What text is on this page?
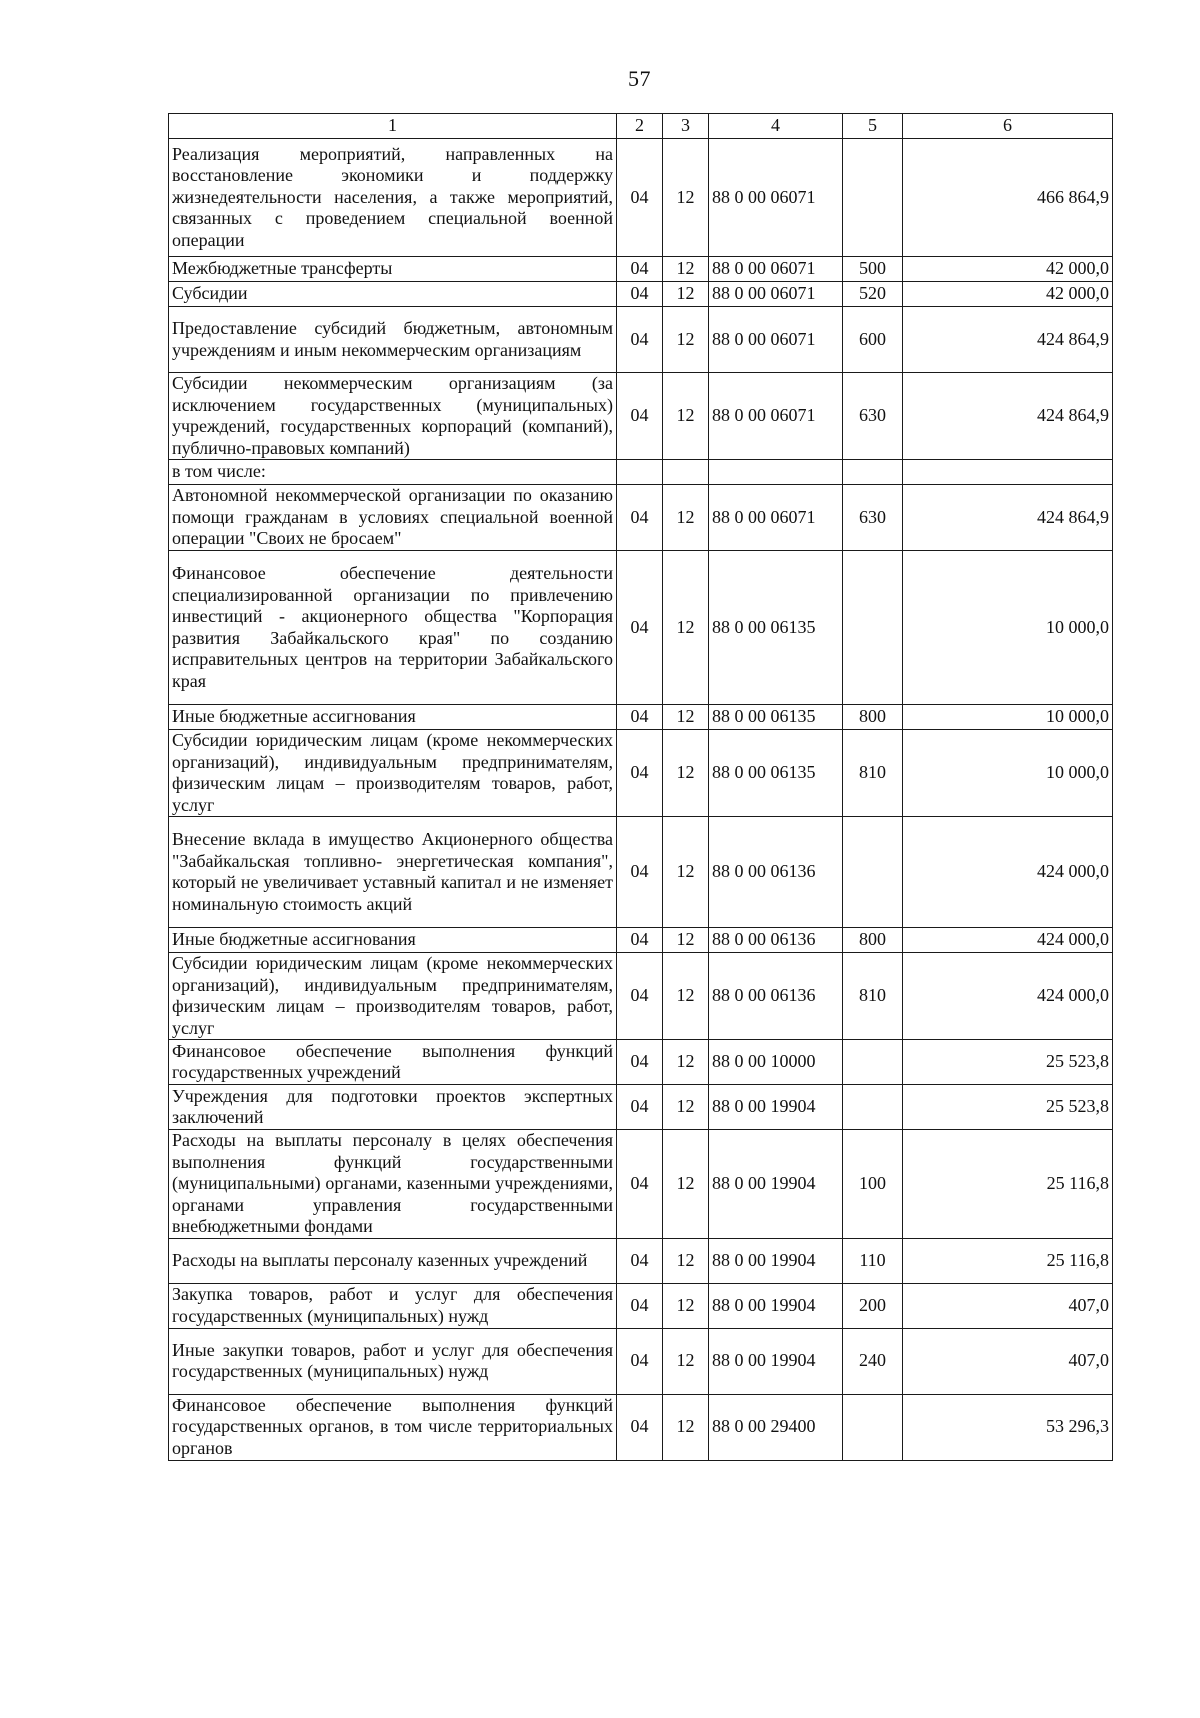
57
1	2	3	4	5	6
Реализация мероприятий, направленных на восстановление экономики и поддержку жизнедеятельности населения, а также мероприятий, связанных с проведением специальной военной операции	04	12	88 0 00 06071		466 864,9
Межбюджетные трансферты	04	12	88 0 00 06071	500	42 000,0
Субсидии	04	12	88 0 00 06071	520	42 000,0
Предоставление субсидий бюджетным, автономным учреждениям и иным некоммерческим организациям	04	12	88 0 00 06071	600	424 864,9
Субсидии некоммерческим организациям (за исключением государственных (муниципальных) учреждений, государственных корпораций (компаний), публично-правовых компаний)	04	12	88 0 00 06071	630	424 864,9
в том числе:					
Автономной некоммерческой организации по оказанию помощи гражданам в условиях специальной военной операции "Своих не бросаем"	04	12	88 0 00 06071	630	424 864,9
Финансовое обеспечение деятельности специализированной организации по привлечению инвестиций - акционерного общества "Корпорация развития Забайкальского края" по созданию исправительных центров на территории Забайкальского края	04	12	88 0 00 06135		10 000,0
Иные бюджетные ассигнования	04	12	88 0 00 06135	800	10 000,0
Субсидии юридическим лицам (кроме некоммерческих организаций), индивидуальным предпринимателям, физическим лицам – производителям товаров, работ, услуг	04	12	88 0 00 06135	810	10 000,0
Внесение вклада в имущество Акционерного общества "Забайкальская топливно- энергетическая компания", который не увеличивает уставный капитал и не изменяет номинальную стоимость акций	04	12	88 0 00 06136		424 000,0
Иные бюджетные ассигнования	04	12	88 0 00 06136	800	424 000,0
Субсидии юридическим лицам (кроме некоммерческих организаций), индивидуальным предпринимателям, физическим лицам – производителям товаров, работ, услуг	04	12	88 0 00 06136	810	424 000,0
Финансовое обеспечение выполнения функций государственных учреждений	04	12	88 0 00 10000		25 523,8
Учреждения для подготовки проектов экспертных заключений	04	12	88 0 00 19904		25 523,8
Расходы на выплаты персоналу в целях обеспечения выполнения функций государственными (муниципальными) органами, казенными учреждениями, органами управления государственными внебюджетными фондами	04	12	88 0 00 19904	100	25 116,8
Расходы на выплаты персоналу казенных учреждений	04	12	88 0 00 19904	110	25 116,8
Закупка товаров, работ и услуг для обеспечения государственных (муниципальных) нужд	04	12	88 0 00 19904	200	407,0
Иные закупки товаров, работ и услуг для обеспечения государственных (муниципальных) нужд	04	12	88 0 00 19904	240	407,0
Финансовое обеспечение выполнения функций государственных органов, в том числе территориальных органов	04	12	88 0 00 29400		53 296,3
